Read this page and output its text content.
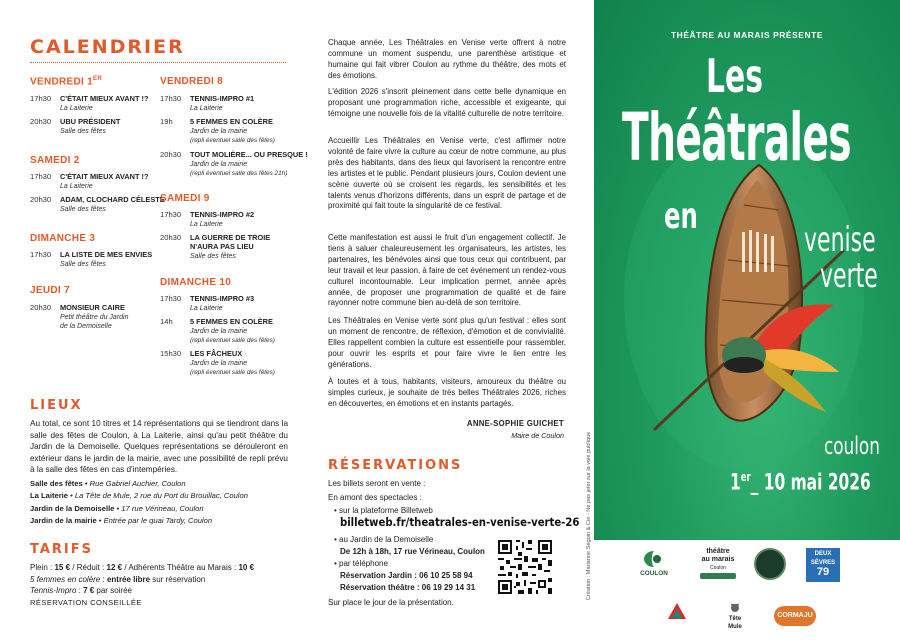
CALENDRIER
VENDREDI 1ER
17h30	C'ÉTAIT MIEUX AVANT !?
La Laiterie
20h30	UBU PRÉSIDENT
Salle des fêtes
SAMEDI 2
17h30	C'ÉTAIT MIEUX AVANT !?
La Laiterie
20h30	ADAM, CLOCHARD CÉLESTE
Salle des fêtes
DIMANCHE 3
17h30	LA LISTE DE MES ENVIES
Salle des fêtes
JEUDI 7
20h30	MONSIEUR CAIRE
Petit théâtre du Jardin
de la Demoiselle
VENDREDI 8
17h30	TENNIS-IMPRO #1
La Laiterie
19h	5 FEMMES EN COLÈRE
Jardin de la mairie
(repli éventuel salle des fêtes)
20h30	TOUT MOLIÈRE... OU PRESQUE !
Jardin de la mairie
(repli éventuel salle des fêtes 21h)
SAMEDI 9
17h30	TENNIS-IMPRO #2
La Laiterie
20h30	LA GUERRE DE TROIE
N'AURA PAS LIEU
Salle des fêtes
DIMANCHE 10
17h30	TENNIS-IMPRO #3
La Laiterie
14h	5 FEMMES EN COLÈRE
Jardin de la mairie
(repli éventuel salle des fêtes)
15h30	LES FÂCHEUX
Jardin de la mairie
(repli éventuel salle des fêtes)
LIEUX
Au total, ce sont 10 titres et 14 représentations qui se tiendront dans la salle des fêtes de Coulon, à La Laiterie, ainsi qu'au petit théâtre du Jardin de la Demoiselle. Quelques représentations se dérouleront en extérieur dans le jardin de la mairie, avec une possibilité de repli prévu à la salle des fêtes en cas d'intempéries.
Salle des fêtes • Rue Gabriel Auchier, Coulon
La Laiterie • La Tête de Mule, 2 rue du Port du Brouillac, Coulon
Jardin de la Demoiselle • 17 rue Vérineau, Coulon
Jardin de la mairie • Entrée par le quai Tardy, Coulon
TARIFS
Plein : 15 € / Réduit : 12 € / Adhérents Théâtre au Marais : 10 €
5 femmes en colère : entrée libre sur réservation
Tennis-Impro : 7 € par soirée
RÉSERVATION CONSEILLÉE
Chaque année, Les Théâtrales en Venise verte offrent à notre commune un moment suspendu, une parenthèse artistique et humaine qui fait vibrer Coulon au rythme du théâtre, des mots et des émotions.
L'édition 2026 s'inscrit pleinement dans cette belle dynamique en proposant une programmation riche, accessible et exigeante, qui témoigne une nouvelle fois de la vitalité culturelle de notre territoire.
Accueillir Les Théâtrales en Venise verte, c'est affirmer notre volonté de faire vivre la culture au cœur de notre commune, au plus près des habitants, dans des lieux qui favorisent la rencontre entre les artistes et le public. Pendant plusieurs jours, Coulon devient une scène ouverte où se croisent les regards, les sensibilités et les talents venus d'horizons différents, dans un esprit de partage et de proximité qui fait toute la singularité de ce festival.
Cette manifestation est aussi le fruit d'un engagement collectif. Je tiens à saluer chaleureusement les organisateurs, les artistes, les partenaires, les bénévoles ainsi que tous ceux qui contribuent, par leur travail et leur passion, à faire de cet événement un rendez-vous culturel incontournable. Leur implication permet, année après année, de proposer une programmation de qualité et de faire rayonner notre commune bien au-delà de son territoire.
Les Théâtrales en Venise verte sont plus qu'un festival : elles sont un moment de rencontre, de réflexion, d'émotion et de convivialité. Elles rappellent combien la culture est essentielle pour rassembler, pour ouvrir les esprits et pour faire vivre le lien entre les générations.
À toutes et à tous, habitants, visiteurs, amoureux du théâtre ou simples curieux, je souhaite de très belles Théâtrales 2026, riches en découvertes, en émotions et en instants partagés.
ANNE-SOPHIE GUICHET
Maire de Coulon
RÉSERVATIONS
Les billets seront en vente :
En amont des spectacles :
• sur la plateforme Billetweb
billetweb.fr/theatrales-en-venise-verte-26
• au Jardin de la Demoiselle
De 12h à 18h, 17 rue Vérineau, Coulon
• par téléphone
Réservation Jardin : 06 10 25 58 94
Réservation théâtre : 06 19 29 14 31
Sur place le jour de la présentation.
THÉÂTRE AU MARAIS PRÉSENTE
Les
Théâtrales
en
venise
verte
coulon
1er_ 10 mai 2026
COULON
théâtre
au marais
Coulon
DEUX
SÈVRES
79
Tête
Mule
CORMAJU
Création : Marianne Séguin & Cie - Ne pas jeter sur la voie publique
